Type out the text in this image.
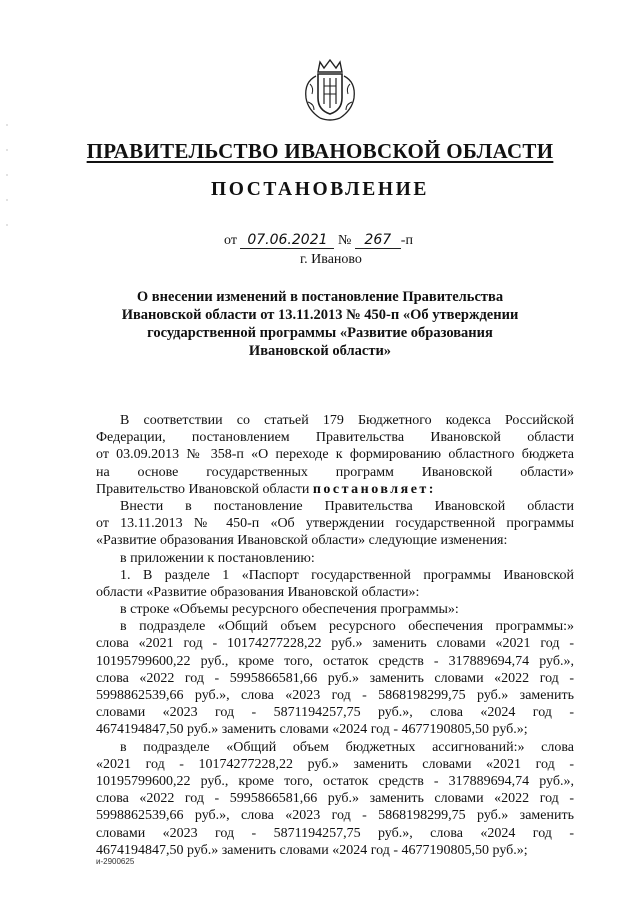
ПРАВИТЕЛЬСТВО ИВАНОВСКОЙ ОБЛАСТИ
ПОСТАНОВЛЕНИЕ
от 07.06.2021 № 267 -п
г. Иваново
О внесении изменений в постановление Правительства
Ивановской области от 13.11.2013 № 450-п «Об утверждении
государственной программы «Развитие образования
Ивановской области»
В соответствии со статьей 179 Бюджетного кодекса Российской
Федерации, постановлением Правительства Ивановской области
от 03.09.2013 № 358-п «О переходе к формированию областного бюджета
на основе государственных программ Ивановской области»
Правительство Ивановской области постановляет:
Внести в постановление Правительства Ивановской области
от 13.11.2013 № 450-п «Об утверждении государственной программы
«Развитие образования Ивановской области» следующие изменения:
в приложении к постановлению:
1. В разделе 1 «Паспорт государственной программы Ивановской
области «Развитие образования Ивановской области»:
в строке «Объемы ресурсного обеспечения программы»:
в подразделе «Общий объем ресурсного обеспечения программы:»
слова «2021 год - 10174277228,22 руб.» заменить словами «2021 год -
10195799600,22 руб., кроме того, остаток средств - 317889694,74 руб.»,
слова «2022 год - 5995866581,66 руб.» заменить словами «2022 год -
5998862539,66 руб.», слова «2023 год - 5868198299,75 руб.» заменить
словами «2023 год - 5871194257,75 руб.», слова «2024 год -
4674194847,50 руб.» заменить словами «2024 год - 4677190805,50 руб.»;
в подразделе «Общий объем бюджетных ассигнований:» слова
«2021 год - 10174277228,22 руб.» заменить словами «2021 год -
10195799600,22 руб., кроме того, остаток средств - 317889694,74 руб.»,
слова «2022 год - 5995866581,66 руб.» заменить словами «2022 год -
5998862539,66 руб.», слова «2023 год - 5868198299,75 руб.» заменить
словами «2023 год - 5871194257,75 руб.», слова «2024 год -
4674194847,50 руб.» заменить словами «2024 год - 4677190805,50 руб.»;
и-2900625
